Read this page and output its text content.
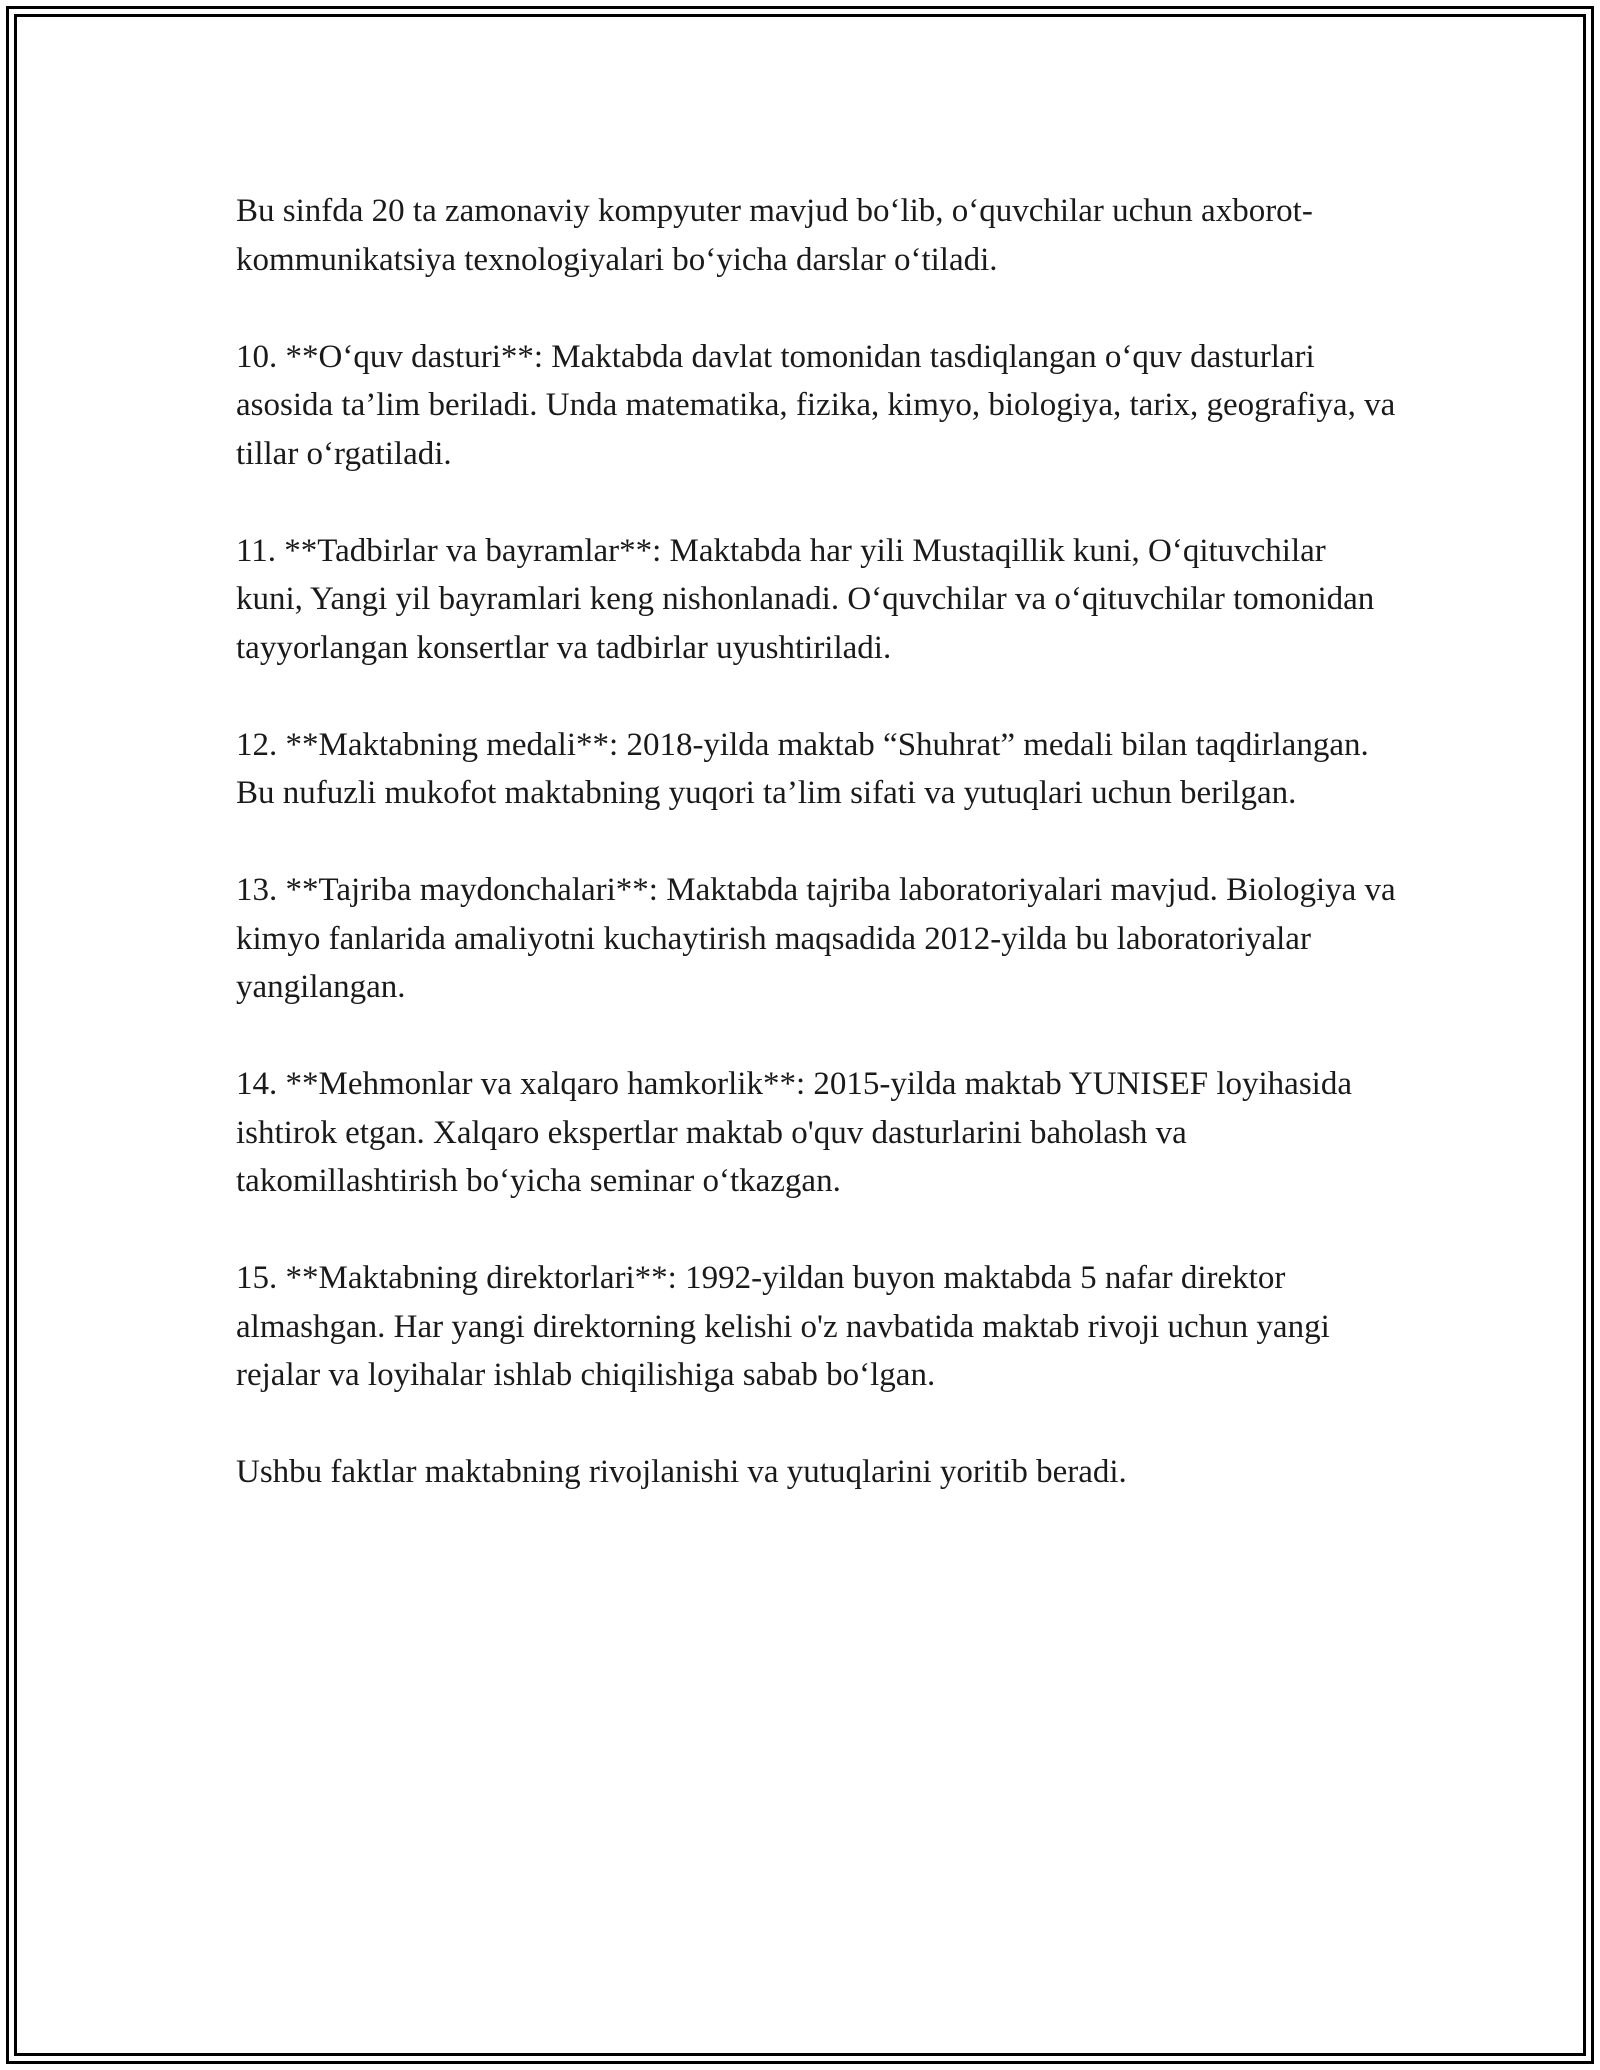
Bu sinfda 20 ta zamonaviy kompyuter mavjud bo‘lib, o‘quvchilar uchun axborot-kommunikatsiya texnologiyalari bo‘yicha darslar o‘tiladi.

10. **O‘quv dasturi**: Maktabda davlat tomonidan tasdiqlangan o‘quv dasturlari asosida ta’lim beriladi. Unda matematika, fizika, kimyo, biologiya, tarix, geografiya, va tillar o‘rgatiladi.

11. **Tadbirlar va bayramlar**: Maktabda har yili Mustaqillik kuni, O‘qituvchilar kuni, Yangi yil bayramlari keng nishonlanadi. O‘quvchilar va o‘qituvchilar tomonidan tayyorlangan konsertlar va tadbirlar uyushtiriladi.

12. **Maktabning medali**: 2018-yilda maktab “Shuhrat” medali bilan taqdirlangan. Bu nufuzli mukofot maktabning yuqori ta’lim sifati va yutuqlari uchun berilgan.

13. **Tajriba maydonchalari**: Maktabda tajriba laboratoriyalari mavjud. Biologiya va kimyo fanlarida amaliyotni kuchaytirish maqsadida 2012-yilda bu laboratoriyalar yangilangan.

14. **Mehmonlar va xalqaro hamkorlik**: 2015-yilda maktab YUNISEF loyihasida ishtirok etgan. Xalqaro ekspertlar maktab o'quv dasturlarini baholash va takomillashtirish bo‘yicha seminar o‘tkazgan.

15. **Maktabning direktorlari**: 1992-yildan buyon maktabda 5 nafar direktor almashgan. Har yangi direktorning kelishi o'z navbatida maktab rivoji uchun yangi rejalar va loyihalar ishlab chiqilishiga sabab bo‘lgan.

Ushbu faktlar maktabning rivojlanishi va yutuqlarini yoritib beradi.
